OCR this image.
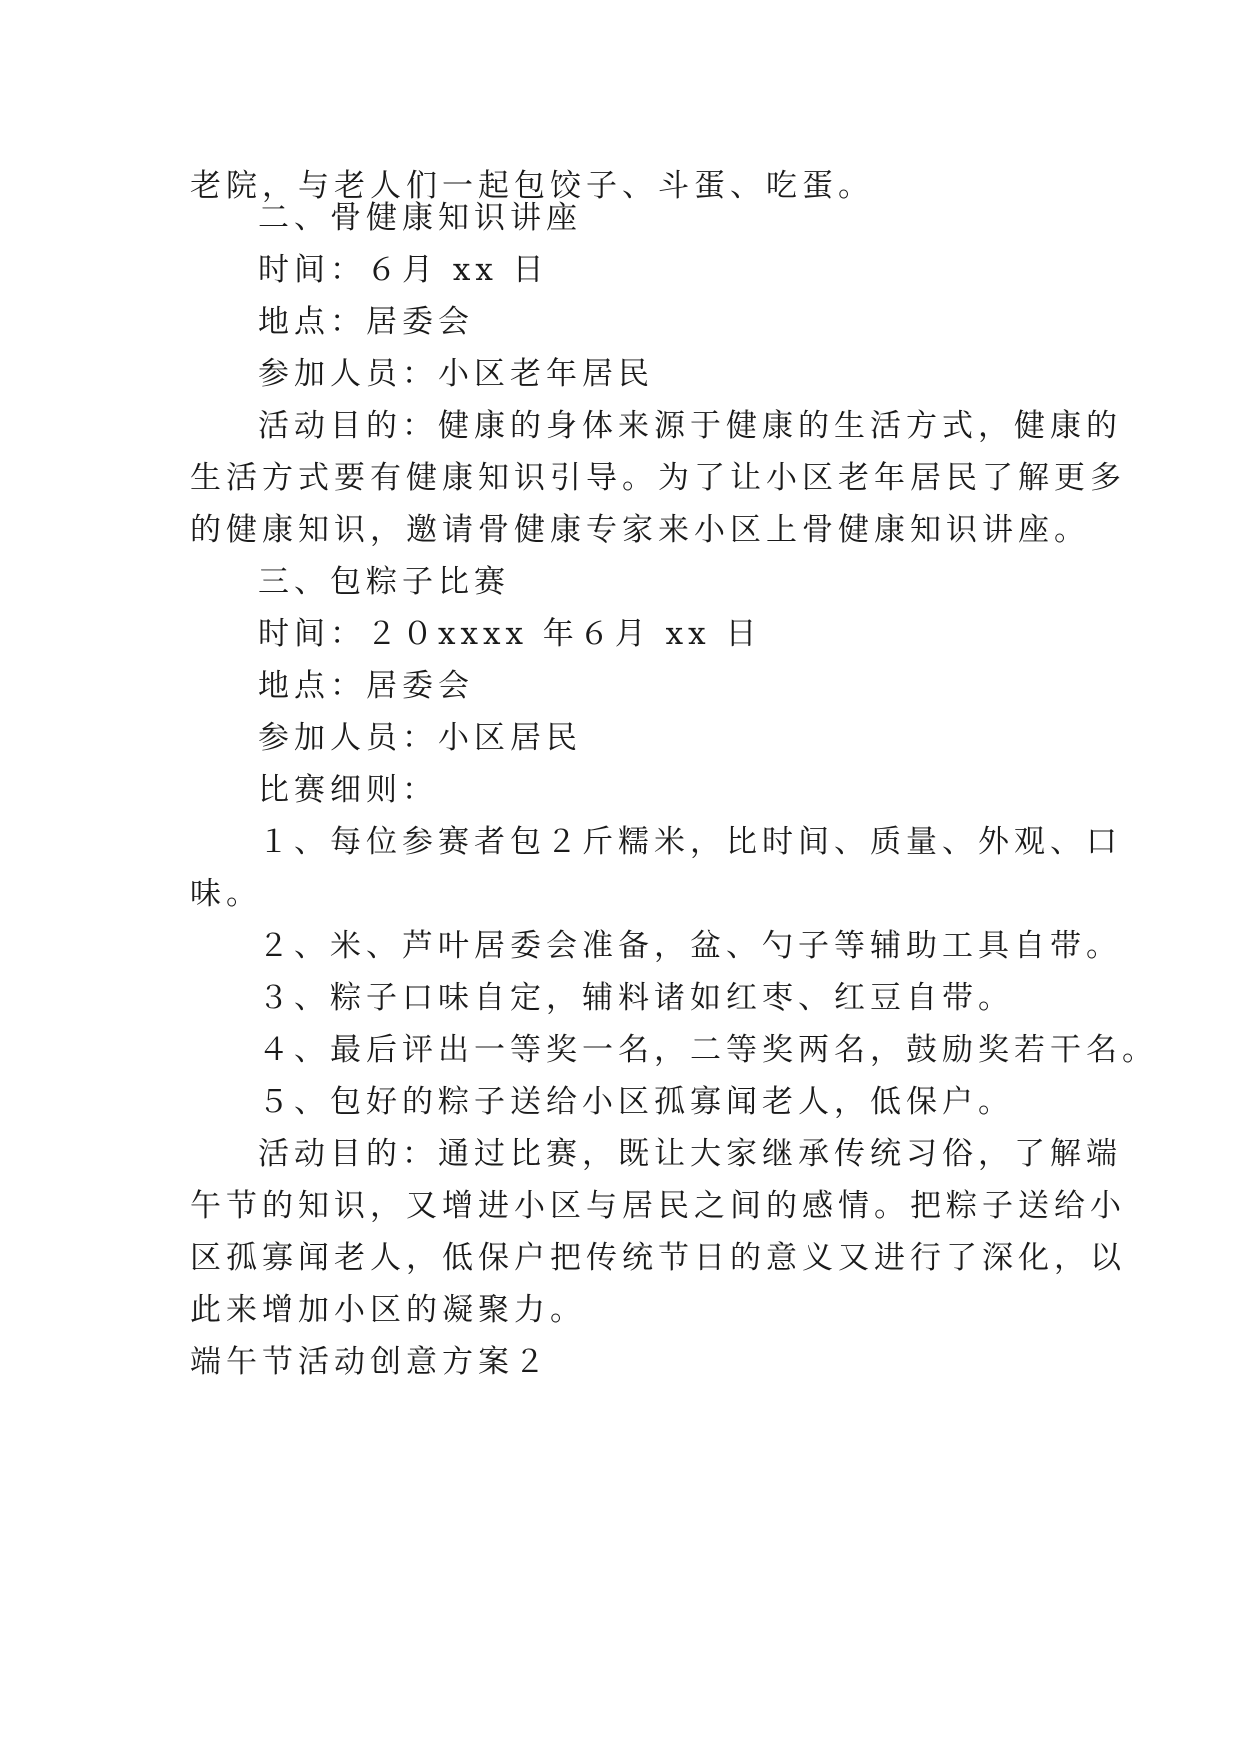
老院，与老人们一起包饺子、斗蛋、吃蛋。
二、骨健康知识讲座
时间：６月 xx 日
地点：居委会
参加人员：小区老年居民
活动目的：健康的身体来源于健康的生活方式，健康的
生活方式要有健康知识引导。为了让小区老年居民了解更多
的健康知识，邀请骨健康专家来小区上骨健康知识讲座。
三、包粽子比赛
时间：２０xxxx 年６月 xx 日
地点：居委会
参加人员：小区居民
比赛细则：
１、每位参赛者包２斤糯米，比时间、质量、外观、口
味。
２、米、芦叶居委会准备，盆、勺子等辅助工具自带。
３、粽子口味自定，辅料诸如红枣、红豆自带。
４、最后评出一等奖一名，二等奖两名，鼓励奖若干名。
５、包好的粽子送给小区孤寡闻老人，低保户。
活动目的：通过比赛，既让大家继承传统习俗，了解端
午节的知识，又增进小区与居民之间的感情。把粽子送给小
区孤寡闻老人，低保户把传统节日的意义又进行了深化，以
此来增加小区的凝聚力。
端午节活动创意方案２
